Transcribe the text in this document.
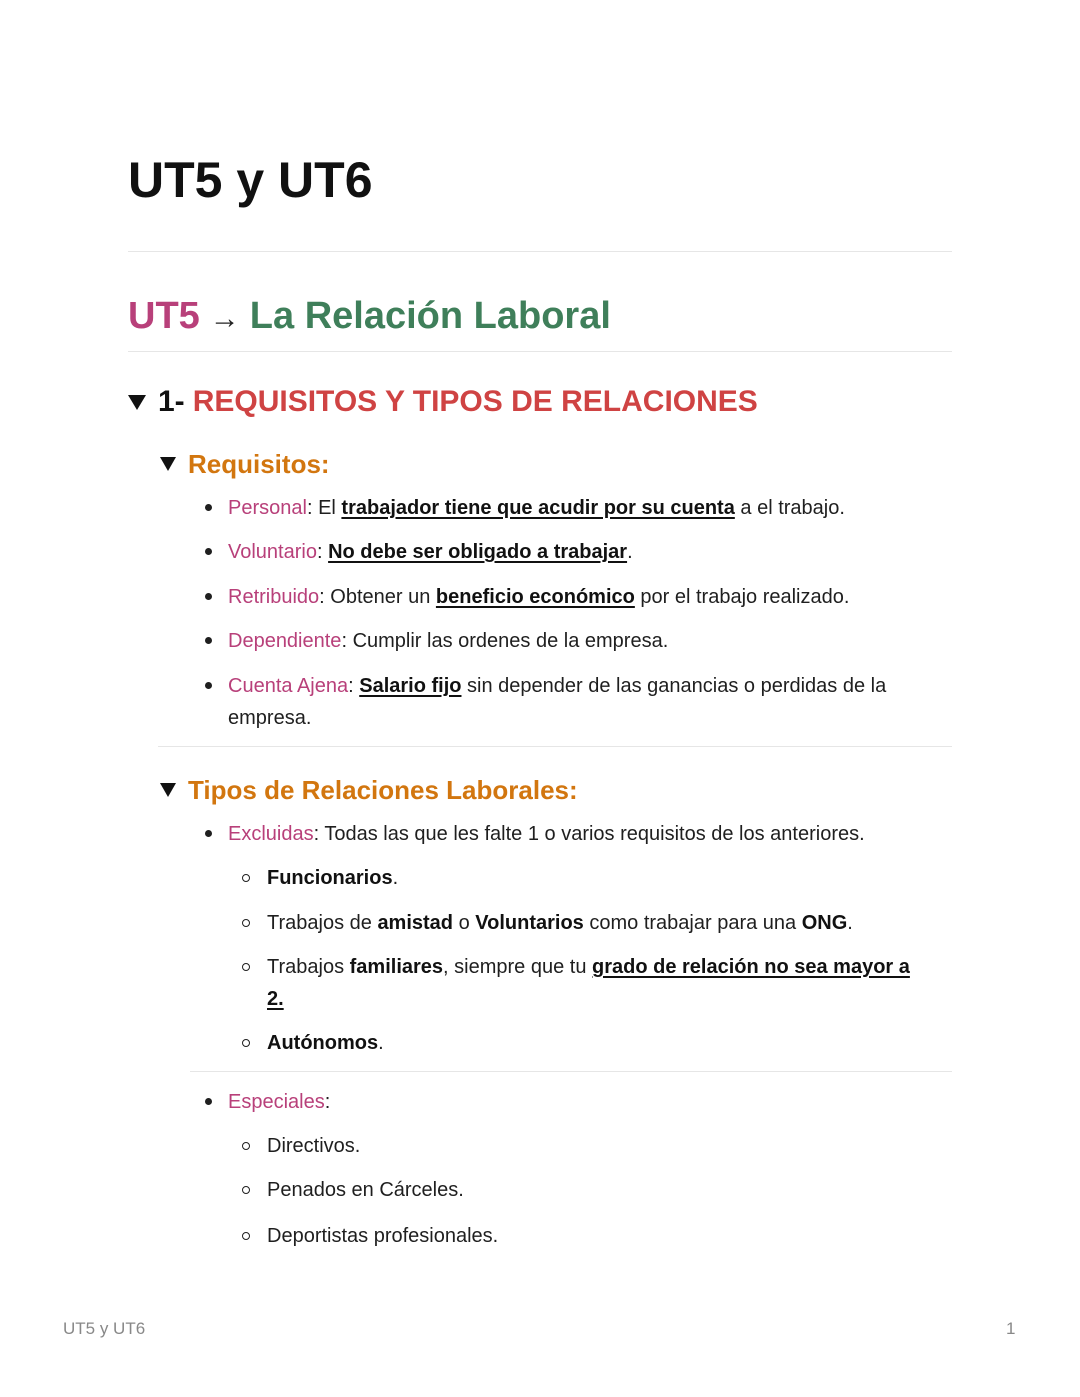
UT5 y UT6
UT5 → La Relación Laboral
1- REQUISITOS Y TIPOS DE RELACIONES
Requisitos:
Personal: El trabajador tiene que acudir por su cuenta a el trabajo.
Voluntario: No debe ser obligado a trabajar.
Retribuido: Obtener un beneficio económico por el trabajo realizado.
Dependiente: Cumplir las ordenes de la empresa.
Cuenta Ajena: Salario fijo sin depender de las ganancias o perdidas de la
empresa.
Tipos de Relaciones Laborales:
Excluidas: Todas las que les falte 1 o varios requisitos de los anteriores.
Funcionarios.
Trabajos de amistad o Voluntarios como trabajar para una ONG.
Trabajos familiares, siempre que tu grado de relación no sea mayor a
2.
Autónomos.
Especiales:
Directivos.
Penados en Cárceles.
Deportistas profesionales.
UT5 y UT6	1
